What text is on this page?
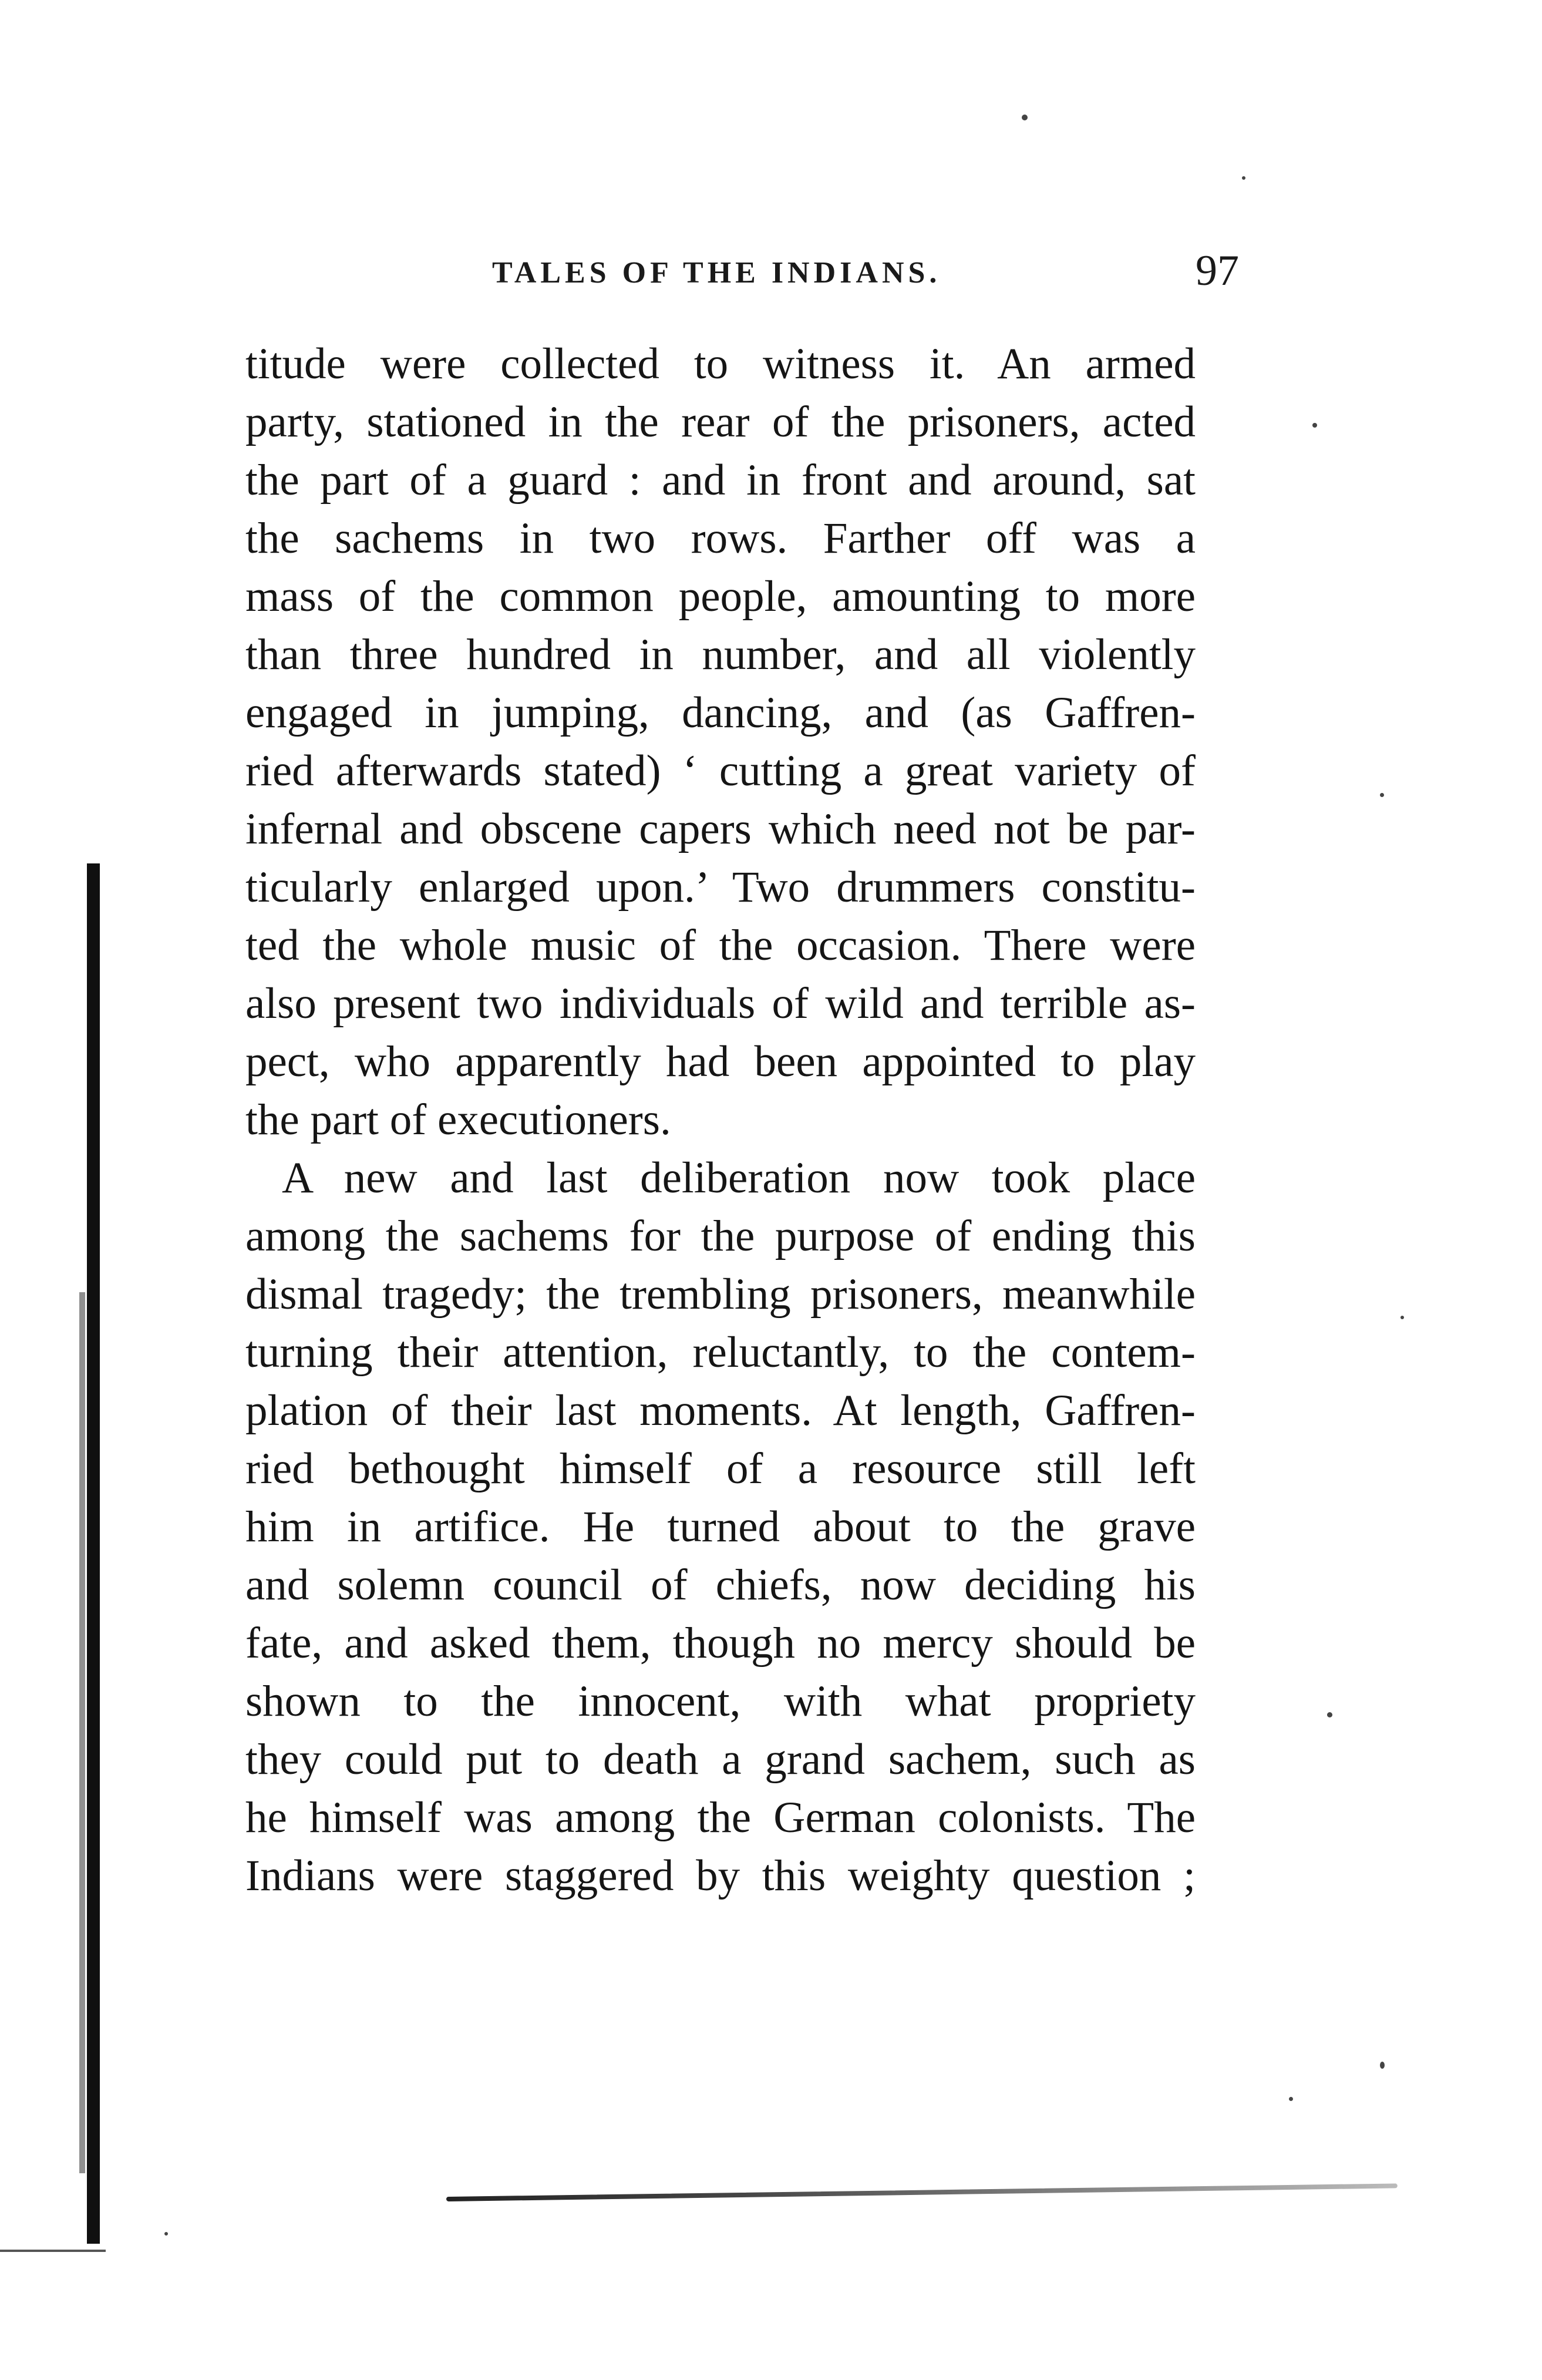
TALES OF THE INDIANS.	97
titude were collected to witness it. An armed
party, stationed in the rear of the prisoners, acted
the part of a guard : and in front and around, sat
the sachems in two rows. Farther off was a
mass of the common people, amounting to more
than three hundred in number, and all violently
engaged in jumping, dancing, and (as Gaffren-
ried afterwards stated) ‘ cutting a great variety of
infernal and obscene capers which need not be par-
ticularly enlarged upon.’ Two drummers constitu-
ted the whole music of the occasion. There were
also present two individuals of wild and terrible as-
pect, who apparently had been appointed to play
the part of executioners.
A new and last deliberation now took place
among the sachems for the purpose of ending this
dismal tragedy; the trembling prisoners, meanwhile
turning their attention, reluctantly, to the contem-
plation of their last moments. At length, Gaffren-
ried bethought himself of a resource still left
him in artifice. He turned about to the grave
and solemn council of chiefs, now deciding his
fate, and asked them, though no mercy should be
shown to the innocent, with what propriety
they could put to death a grand sachem, such as
he himself was among the German colonists. The
Indians were staggered by this weighty question ;
